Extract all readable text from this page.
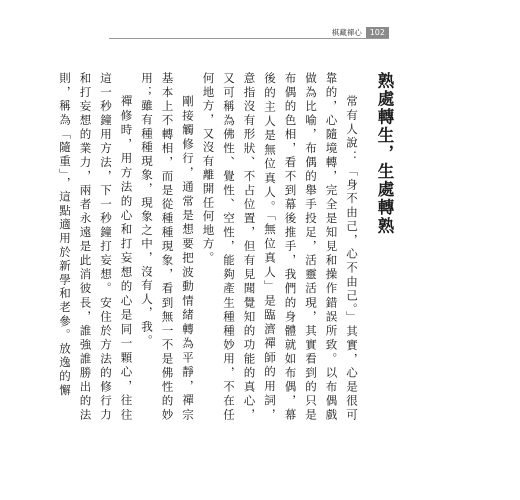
棋藏禪心	102
熟處轉生，生處轉熟

常有人說：「身不由己，心不由己。」其實，心是很可靠的，心隨境轉，完全是知見和操作錯誤所致。以布偶戲做為比喻，布偶的舉手投足，活靈活現，其實看到的只是布偶的色相，看不到幕後推手，我們的身體就如布偶，幕後的主人是無位真人。「無位真人」是臨濟禪師的用詞，意指沒有形狀、不占位置，但有見聞覺知的功能的真心，又可稱為佛性、覺性、空性，能夠產生種種妙用，不在任何地方，又沒有離開任何地方。

剛接觸修行，通常是想要把波動情緒轉為平靜，禪宗基本上不轉相，而是從種種現象，看到無一不是佛性的妙用；雖有種種現象，現象之中，沒有人，我。

禪修時，用方法的心和打妄想的心是同一顆心，往往這一秒鐘用方法，下一秒鐘打妄想。安住於方法的修行力和打妄想的業力，兩者永遠是此消彼長，誰強誰勝出的法則，稱為「隨重」，這點適用於新學和老參。放逸的懈
